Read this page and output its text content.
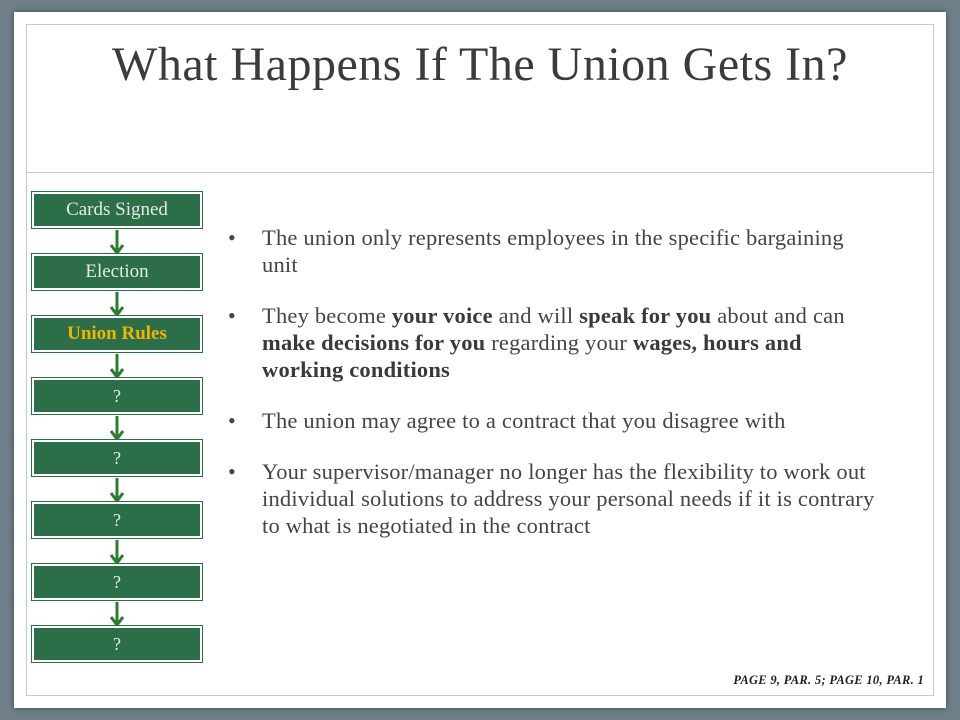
What Happens If The Union Gets In?
Cards Signed
Election
Union Rules
?
?
?
?
?
• The union only represents employees in the specific bargaining unit
• They become your voice and will speak for you about and can make decisions for you regarding your wages, hours and working conditions
• The union may agree to a contract that you disagree with
• Your supervisor/manager no longer has the flexibility to work out individual solutions to address your personal needs if it is contrary to what is negotiated in the contract
PAGE 9, PAR. 5; PAGE 10, PAR. 1
